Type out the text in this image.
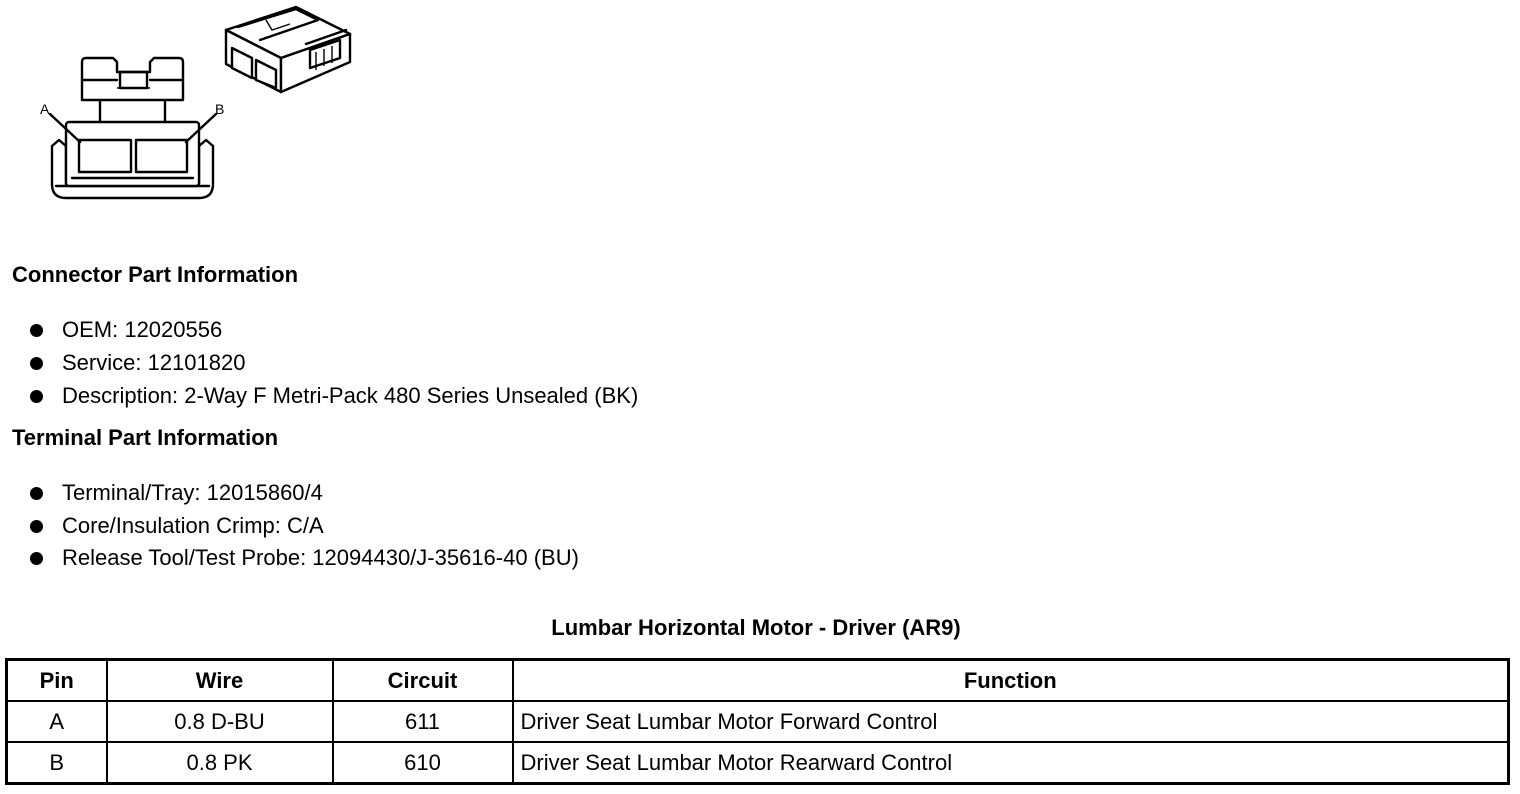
A	B
Connector Part Information
OEM: 12020556
Service: 12101820
Description: 2-Way F Metri-Pack 480 Series Unsealed (BK)
Terminal Part Information
Terminal/Tray: 12015860/4
Core/Insulation Crimp: C/A
Release Tool/Test Probe: 12094430/J-35616-40 (BU)
Lumbar Horizontal Motor - Driver (AR9)
Pin	Wire	Circuit	Function
A	0.8 D-BU	611	Driver Seat Lumbar Motor Forward Control
B	0.8 PK	610	Driver Seat Lumbar Motor Rearward Control
